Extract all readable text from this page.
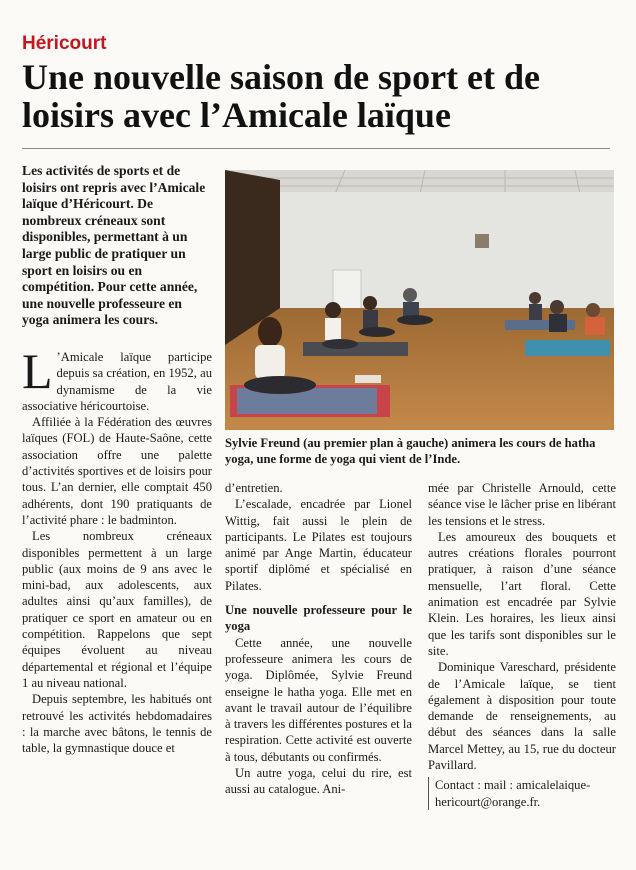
Héricourt
Une nouvelle saison de sport et de loisirs avec l’Amicale laïque
Les activités de sports et de loisirs ont repris avec l’Amicale laïque d’Héricourt. De nombreux créneaux sont disponibles, permettant à un large public de pratiquer un sport en loisirs ou en compétition. Pour cette année, une nouvelle professeure en yoga animera les cours.

L ’Amicale laïque participe depuis sa création, en 1952, au dynamisme de la vie associative héricourtoise.

Affiliée à la Fédération des œuvres laïques (FOL) de Haute-Saône, cette association offre une palette d’activités sportives et de loisirs pour tous. L’an dernier, elle comptait 450 adhérents, dont 190 pratiquants de l’activité phare : le badminton.

Les nombreux créneaux disponibles permettent à un large public (aux moins de 9 ans avec le mini-bad, aux adolescents, aux adultes ainsi qu’aux familles), de pratiquer ce sport en amateur ou en compétition. Rappelons que sept équipes évoluent au niveau départemental et régional et l’équipe 1 au niveau national.

Depuis septembre, les habitués ont retrouvé les activités hebdomadaires : la marche avec bâtons, le tennis de table, la gymnastique douce et

Sylvie Freund (au premier plan à gauche) animera les cours de hatha yoga, une forme de yoga qui vient de l’Inde.

d’entretien.

L’escalade, encadrée par Lionel Wittig, fait aussi le plein de participants. Le Pilates est toujours animé par Ange Martin, éducateur sportif diplômé et spécialisé en Pilates.

Une nouvelle professeure pour le yoga

Cette année, une nouvelle professeure animera les cours de yoga. Diplômée, Sylvie Freund enseigne le hatha yoga. Elle met en avant le travail autour de l’équilibre à travers les différentes postures et la respiration. Cette activité est ouverte à tous, débutants ou confirmés.

Un autre yoga, celui du rire, est aussi au catalogue. Ani-

mée par Christelle Arnould, cette séance vise le lâcher prise en libérant les tensions et le stress.

Les amoureux des bouquets et autres créations florales pourront pratiquer, à raison d’une séance mensuelle, l’art floral. Cette animation est encadrée par Sylvie Klein. Les horaires, les lieux ainsi que les tarifs sont disponibles sur le site.

Dominique Vareschard, présidente de l’Amicale laïque, se tient également à disposition pour toute demande de renseignements, au début des séances dans la salle Marcel Mettey, au 15, rue du docteur Pavillard.

Contact : mail : amicalelaique-hericourt@orange.fr.
